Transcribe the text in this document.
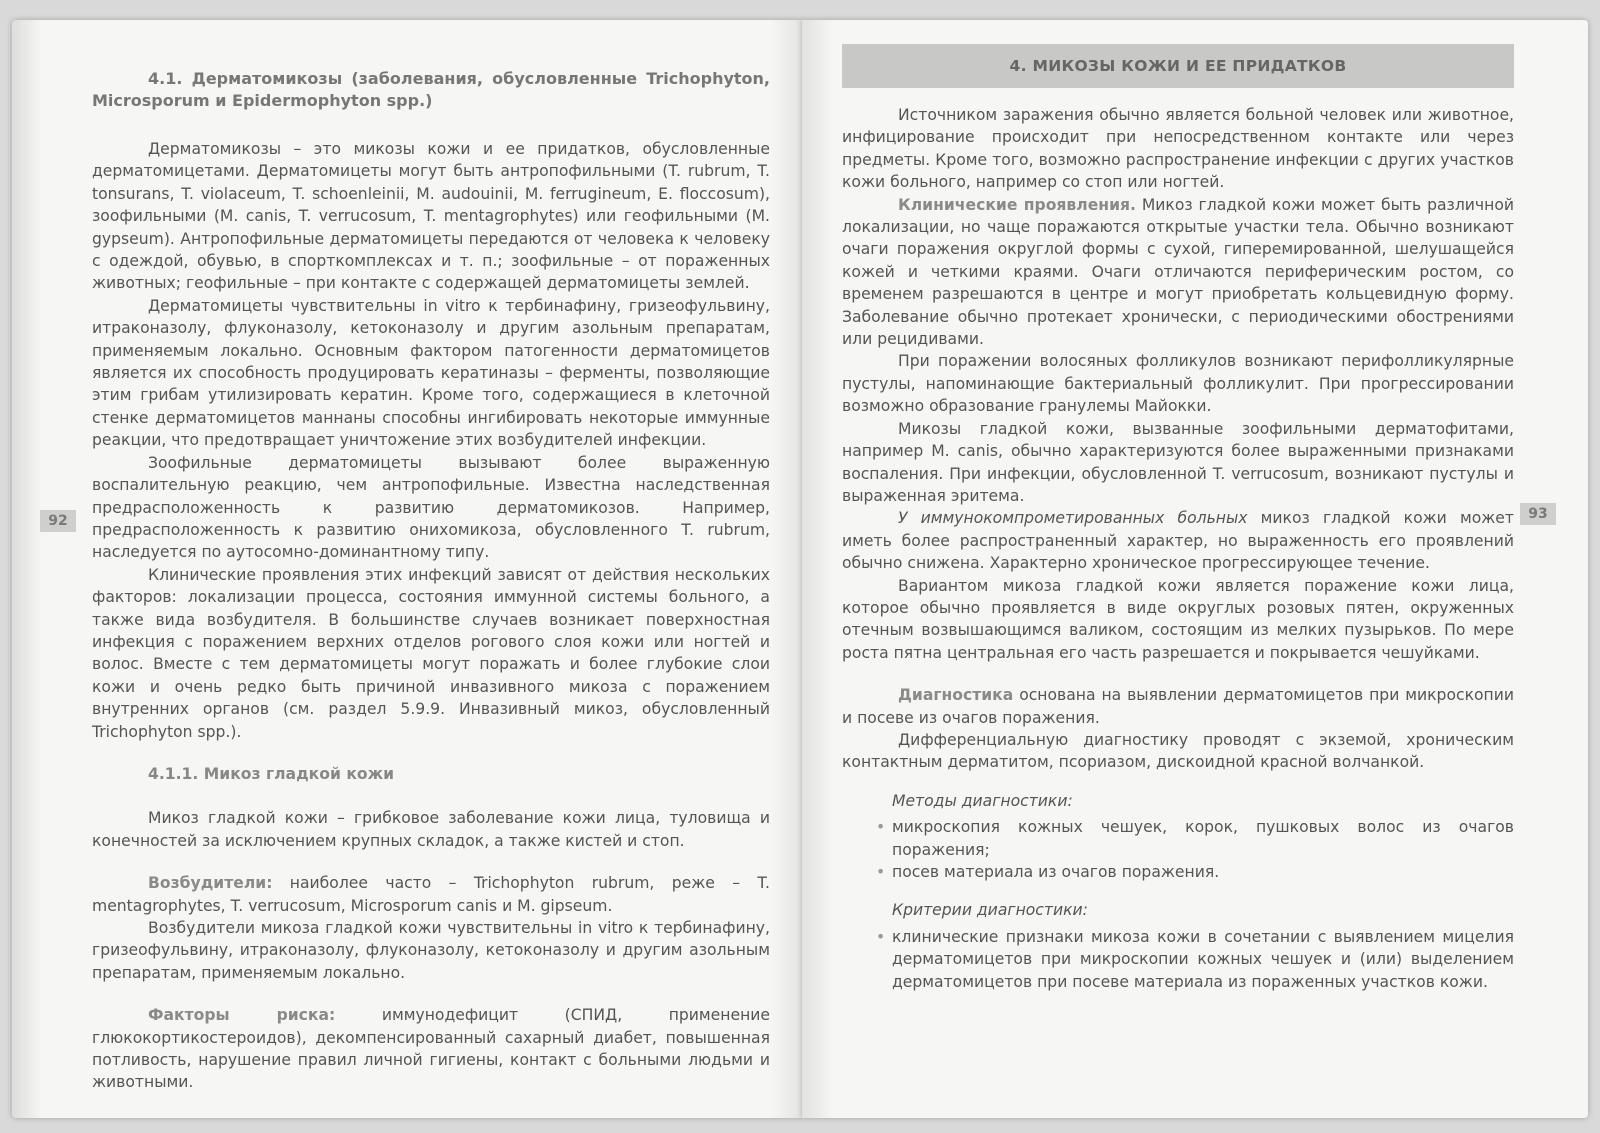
4.1. Дерматомикозы (заболевания, обусловленные Trichophyton, Microsporum и Epidermophyton spp.)

Дерматомикозы – это микозы кожи и ее придатков, обусловленные дерматомицетами. Дерматомицеты могут быть антропофильными (T. rubrum, T. tonsurans, T. violaceum, T. schoenleinii, M. audouinii, M. ferrugineum, E. floccosum), зоофильными (M. canis, T. verrucosum, T. mentagrophytes) или геофильными (M. gypseum). Антропофильные дерматомицеты передаются от человека к человеку с одеждой, обувью, в спорткомплексах и т. п.; зоофильные – от пораженных животных; геофильные – при контакте с содержащей дерматомицеты землей.

Дерматомицеты чувствительны in vitro к тербинафину, гризеофульвину, итраконазолу, флуконазолу, кетоконазолу и другим азольным препаратам, применяемым локально. Основным фактором патогенности дерматомицетов является их способность продуцировать кератиназы – ферменты, позволяющие этим грибам утилизировать кератин. Кроме того, содержащиеся в клеточной стенке дерматомицетов маннаны способны ингибировать некоторые иммунные реакции, что предотвращает уничтожение этих возбудителей инфекции.

Зоофильные дерматомицеты вызывают более выраженную воспалительную реакцию, чем антропофильные. Известна наследственная предрасположенность к развитию дерматомикозов. Например, предрасположенность к развитию онихомикоза, обусловленного T. rubrum, наследуется по аутосомно-доминантному типу.

Клинические проявления этих инфекций зависят от действия нескольких факторов: локализации процесса, состояния иммунной системы больного, а также вида возбудителя. В большинстве случаев возникает поверхностная инфекция с поражением верхних отделов рогового слоя кожи или ногтей и волос. Вместе с тем дерматомицеты могут поражать и более глубокие слои кожи и очень редко быть причиной инвазивного микоза с поражением внутренних органов (см. раздел 5.9.9. Инвазивный микоз, обусловленный Trichophyton spp.).

4.1.1. Микоз гладкой кожи

Микоз гладкой кожи – грибковое заболевание кожи лица, туловища и конечностей за исключением крупных складок, а также кистей и стоп.

Возбудители: наиболее часто – Trichophyton rubrum, реже – T. mentagrophytes, T. verrucosum, Microsporum canis и M. gipseum.

Возбудители микоза гладкой кожи чувствительны in vitro к тербинафину, гризеофульвину, итраконазолу, флуконазолу, кетоконазолу и другим азольным препаратам, применяемым локально.

Факторы риска: иммунодефицит (СПИД, применение глюкокортикостероидов), декомпенсированный сахарный диабет, повышенная потливость, нарушение правил личной гигиены, контакт с больными людьми и животными.

4. МИКОЗЫ КОЖИ И ЕЕ ПРИДАТКОВ

Источником заражения обычно является больной человек или животное, инфицирование происходит при непосредственном контакте или через предметы. Кроме того, возможно распространение инфекции с других участков кожи больного, например со стоп или ногтей.

Клинические проявления. Микоз гладкой кожи может быть различной локализации, но чаще поражаются открытые участки тела. Обычно возникают очаги поражения округлой формы с сухой, гиперемированной, шелушащейся кожей и четкими краями. Очаги отличаются периферическим ростом, со временем разрешаются в центре и могут приобретать кольцевидную форму. Заболевание обычно протекает хронически, с периодическими обострениями или рецидивами.

При поражении волосяных фолликулов возникают перифолликулярные пустулы, напоминающие бактериальный фолликулит. При прогрессировании возможно образование гранулемы Майокки.

Микозы гладкой кожи, вызванные зоофильными дерматофитами, например M. canis, обычно характеризуются более выраженными признаками воспаления. При инфекции, обусловленной T. verrucosum, возникают пустулы и выраженная эритема.

У иммунокомпрометированных больных микоз гладкой кожи может иметь более распространенный характер, но выраженность его проявлений обычно снижена. Характерно хроническое прогрессирующее течение.

Вариантом микоза гладкой кожи является поражение кожи лица, которое обычно проявляется в виде округлых розовых пятен, окруженных отечным возвышающимся валиком, состоящим из мелких пузырьков. По мере роста пятна центральная его часть разрешается и покрывается чешуйками.

Диагностика основана на выявлении дерматомицетов при микроскопии и посеве из очагов поражения.

Дифференциальную диагностику проводят с экземой, хроническим контактным дерматитом, псориазом, дискоидной красной волчанкой.

Методы диагностики:
• микроскопия кожных чешуек, корок, пушковых волос из очагов поражения;
• посев материала из очагов поражения.
Критерии диагностики:
• клинические признаки микоза кожи в сочетании с выявлением мицелия дерматомицетов при микроскопии кожных чешуек и (или) выделением дерматомицетов при посеве материала из пораженных участков кожи.
92	93
